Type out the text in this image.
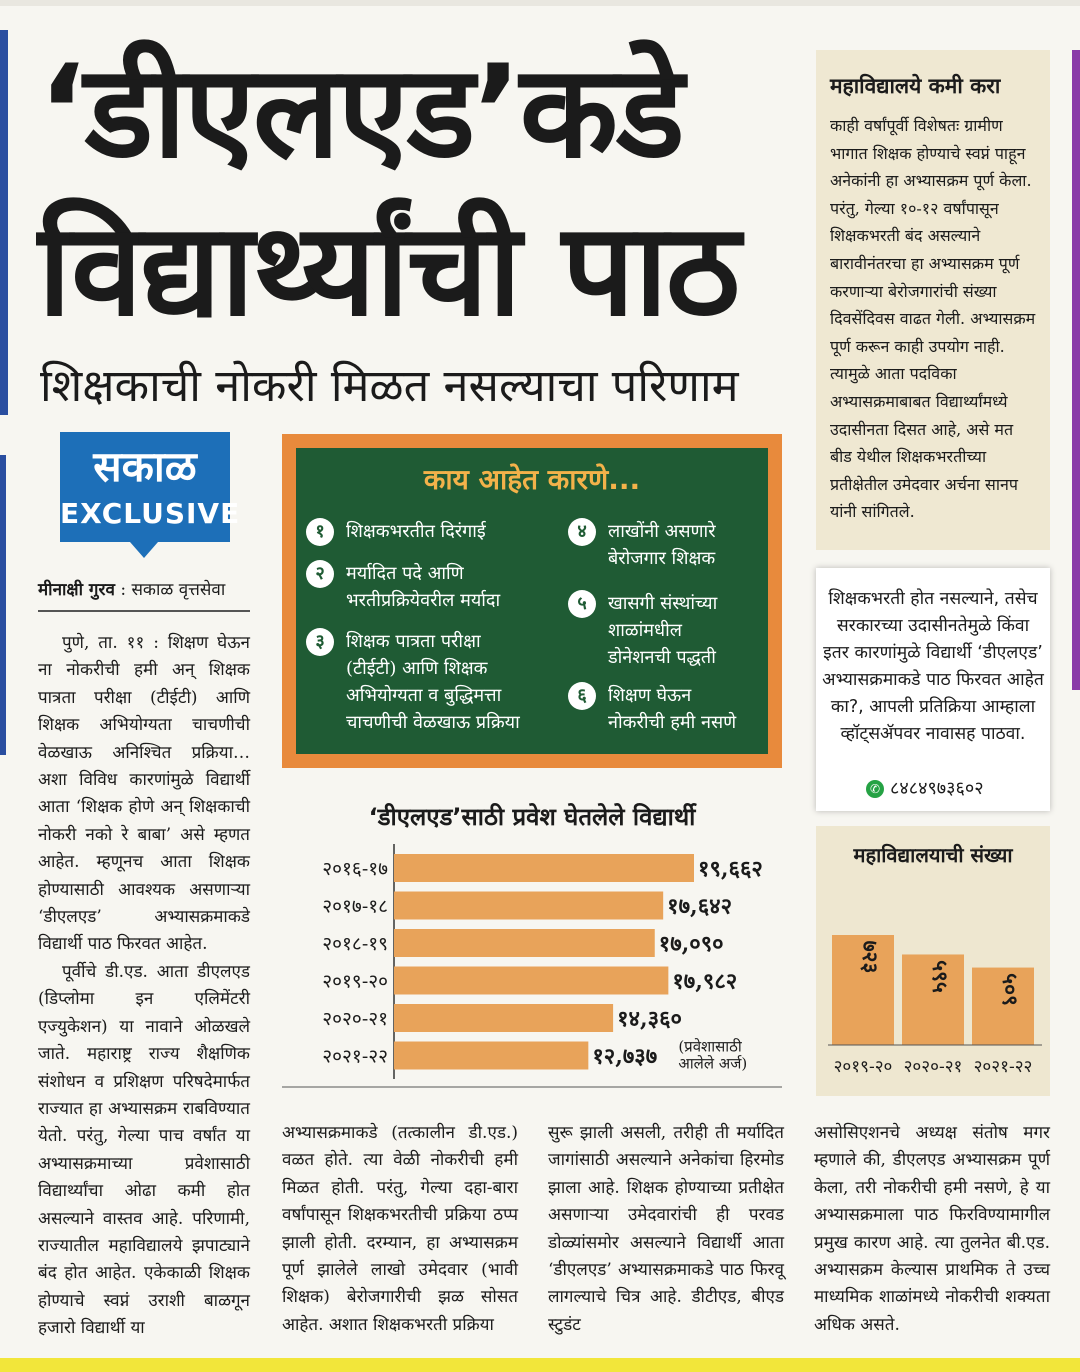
‘डीएलएड’कडे
विद्यार्थ्यांची पाठ
शिक्षकाची नोकरी मिळत नसल्याचा परिणाम
सकाळ
EXCLUSIVE
मीनाक्षी गुरव : सकाळ वृत्तसेवा

पुणे, ता. ११ : शिक्षण घेऊन ना नोकरीची हमी अन्‌ शिक्षक पात्रता परीक्षा (टीईटी) आणि शिक्षक अभियोग्यता चाचणीची वेळखाऊ अनिश्‍चित प्रक्रिया… अशा विविध कारणांमुळे विद्यार्थी आता ‘शिक्षक होणे अन्‌ शिक्षकाची नोकरी नको रे बाबा’ असे म्हणत आहेत. म्हणूनच आता शिक्षक होण्यासाठी आवश्‍यक असणाऱ्या ‘डीएलएड’ अभ्यासक्रमाकडे विद्यार्थी पाठ फिरवत आहेत.

पूर्वीचे डी.एड. आता डीएलएड (डिप्लोमा इन एलिमेंटरी एज्युकेशन) या नावाने ओळखले जाते. महाराष्ट्र राज्य शैक्षणिक संशोधन व प्रशिक्षण परिषदेमार्फत राज्यात हा अभ्यासक्रम राबविण्यात येतो. परंतु, गेल्या पाच वर्षांत या अभ्यासक्रमाच्या प्रवेशासाठी विद्यार्थ्यांचा ओढा कमी होत असल्याने वास्तव आहे. परिणामी, राज्यातील महाविद्यालये झपाट्याने बंद होत आहेत. एकेकाळी शिक्षक होण्याचे स्वप्नं उराशी बाळगून हजारो विद्यार्थी या

अभ्यासक्रमाकडे (तत्कालीन डी.एड.) वळत होते. त्या वेळी नोकरीची हमी मिळत होती. परंतु, गेल्या दहा-बारा वर्षांपासून शिक्षकभरतीची प्रक्रिया ठप्प झाली होती. दरम्यान, हा अभ्यासक्रम पूर्ण झालेले लाखो उमेदवार (भावी शिक्षक) बेरोजगारीची झळ सोसत आहेत. अशात शिक्षकभरती प्रक्रिया

सुरू झाली असली, तरीही ती मर्यादित जागांसाठी असल्याने अनेकांचा हिरमोड झाला आहे. शिक्षक होण्याच्या प्रतीक्षेत असणाऱ्या उमेदवारांची ही परवड डोळ्यांसमोर असल्याने विद्यार्थी आता ‘डीएलएड’ अभ्यासक्रमाकडे पाठ फिरवू लागल्याचे चित्र आहे. डीटीएड, बीएड स्टुडंट

असोसिएशनचे अध्यक्ष संतोष मगर म्हणाले की, डीएलएड अभ्यासक्रम पूर्ण केला, तरी नोकरीची हमी नसणे, हे या अभ्यासक्रमाला पाठ फिरविण्यामागील प्रमुख कारण आहे. त्या तुलनेत बी.एड. अभ्यासक्रम केल्यास प्राथमिक ते उच्च माध्यमिक शाळांमध्ये नोकरीची शक्यता अधिक असते.

काय आहेत कारणे...
१	शिक्षकभरतीत दिरंगाई
२	मर्यादित पदे आणि
भरतीप्रक्रियेवरील मर्यादा
३	शिक्षक पात्रता परीक्षा
(टीईटी) आणि शिक्षक
अभियोग्यता व बुद्धिमत्ता
चाचणीची वेळखाऊ प्रक्रिया
४	लाखोंनी असणारे
बेरोजगार शिक्षक
५	खासगी संस्थांच्या
शाळांमधील
डोनेशनची पद्धती
६	शिक्षण घेऊन
नोकरीची हमी नसणे
महाविद्यालये कमी करा
काही वर्षांपूर्वी विशेषतः ग्रामीण भागात शिक्षक होण्याचे स्वप्नं पाहून अनेकांनी हा अभ्यासक्रम पूर्ण केला. परंतु, गेल्या १०-१२ वर्षांपासून शिक्षकभरती बंद असल्याने बारावीनंतरचा हा अभ्यासक्रम पूर्ण करणाऱ्या बेरोजगारांची संख्या दिवसेंदिवस वाढत गेली. अभ्यासक्रम पूर्ण करून काही उपयोग नाही. त्यामुळे आता पदविका अभ्यासक्रमाबाबत विद्यार्थ्यांमध्ये उदासीनता दिसत आहे, असे मत बीड येथील शिक्षकभरतीच्या प्रतीक्षेतील उमेदवार अर्चना सानप यांनी सांगितले.
शिक्षकभरती होत नसल्याने, तसेच सरकारच्या उदासीनतेमुळे किंवा इतर कारणांमुळे विद्यार्थी ‘डीएलएड’ अभ्यासक्रमाकडे पाठ फिरवत आहेत का?, आपली प्रतिक्रिया आम्हाला व्हॉट्सॲपवर नावासह पाठवा.
✆ ८४८४९७३६०२
‘डीएलएड’साठी प्रवेश घेतलेले विद्यार्थी
२०१६-१७	१९,६६२
२०१७-१८	१७,६४२
२०१८-१९	१७,०९०
२०१९-२०	१७,९८२
२०२०-२१	१४,३६०
२०२१-२२	१२,७३७ (प्रवेशासाठी
आलेले अर्ज)
महाविद्यालयाची संख्या
७२३
२०१९-२०
५९५
२०२०-२१
५०९
२०२१-२२
